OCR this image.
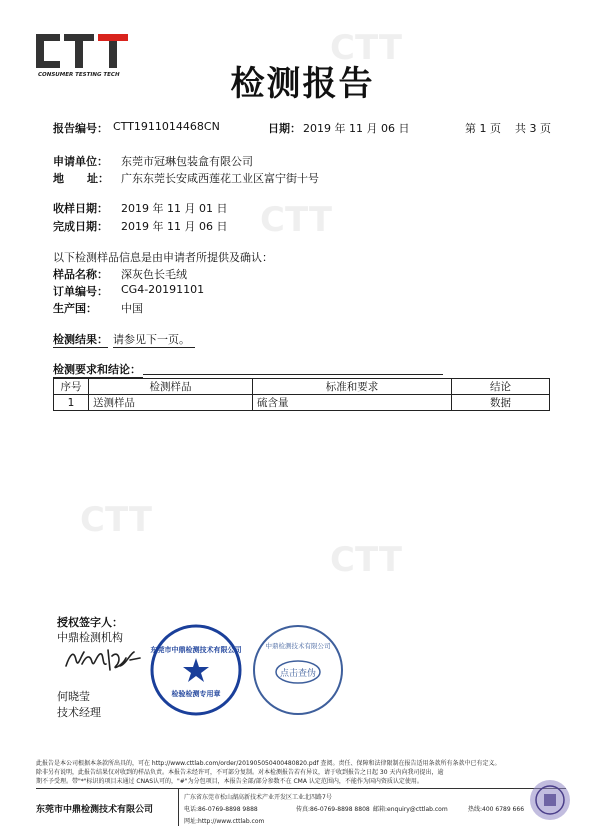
CTT
CTT
CTT
CTT
CONSUMER TESTING TECH	检测报告
报告编号： CTT1911014468CN	日期： 2019 年 11 月 06 日	第 1 页    共 3 页
申请单位： 东莞市冠琳包装盒有限公司
地      址： 广东东莞长安咸西莲花工业区富宁街十号
收样日期： 2019 年 11 月 01 日
完成日期： 2019 年 11 月 06 日
以下检测样品信息是由申请者所提供及确认：
样品名称： 深灰色长毛绒
订单编号： CG4-20191101
生产国： 中国
检测结果： 请参见下一页。
检测要求和结论：
序号	检测样品	标准和要求	结论
1	送测样品	硫含量	数据
授权签字人：
中鼎检测机构
何晓莹
技术经理
东莞市中鼎检测技术有限公司
检验检测专用章
中鼎检测技术有限公司
点击查伪
此报告是本公司根据本条款所出具的，可在 http://www.cttlab.com/order/201905050400480820.pdf 查阅。责任、保障和法律限制在报告适用条款所有条款中已有定义。
除非另有说明，此报告结果仅对收到的样品负责。本报告未经许可，不可部分复制。对本检测报告若有异议，请于收到报告之日起 30 天内向我司提出，逾
期不予受理。带"*"标识的项目未通过 CNAS认可的，"#"为分包项目，本报告全部/部分参数不在 CMA 认定范围内，不能作为国内资质认定使用。
东莞市中鼎检测技术有限公司
广东省东莞市松山湖高新技术产业开发区工业北四路7号
电话:86-0769-8898 9888	传真:86-0769-8898 8808 邮箱:enquiry@cttlab.com	热线:400 6789 666
网址:http://www.cttlab.com
